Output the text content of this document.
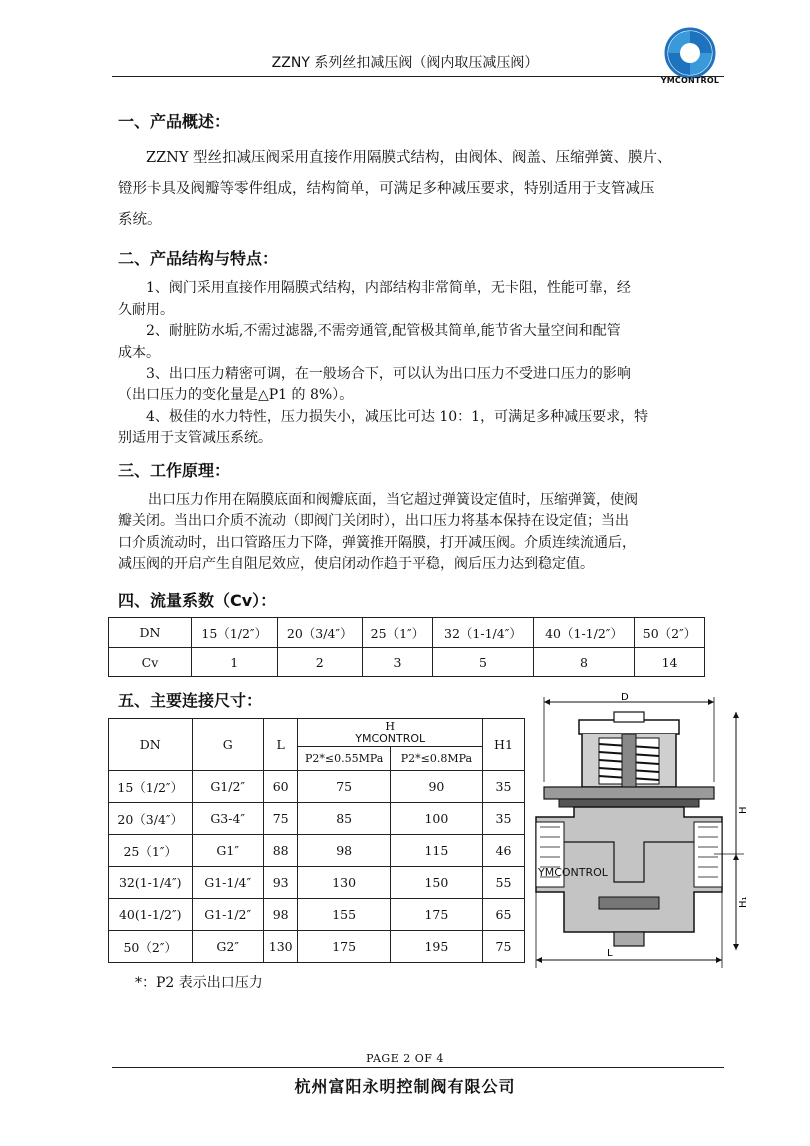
ZZNY 系列丝扣减压阀（阀内取压减压阀）
YMCONTROL
一、产品概述：
ZZNY 型丝扣减压阀采用直接作用隔膜式结构，由阀体、阀盖、压缩弹簧、膜片、
镫形卡具及阀瓣等零件组成，结构简单，可满足多种减压要求，特别适用于支管减压
系统。
二、产品结构与特点：
1、阀门采用直接作用隔膜式结构，内部结构非常简单，无卡阻，性能可靠，经
久耐用。
2、耐脏防水垢,不需过滤器,不需旁通管,配管极其简单,能节省大量空间和配管
成本。
3、出口压力精密可调，在一般场合下，可以认为出口压力不受进口压力的影响
（出口压力的变化量是△P1 的 8%）。
4、极佳的水力特性，压力损失小，减压比可达 10：1，可满足多种减压要求，特
别适用于支管减压系统。
三、工作原理：
出口压力作用在隔膜底面和阀瓣底面，当它超过弹簧设定值时，压缩弹簧，使阀
瓣关闭。当出口介质不流动（即阀门关闭时），出口压力将基本保持在设定值；当出
口介质流动时，出口管路压力下降，弹簧推开隔膜，打开减压阀。介质连续流通后，
减压阀的开启产生自阻尼效应，使启闭动作趋于平稳，阀后压力达到稳定值。
四、流量系数（Cv）：
DN	15（1/2″）	20（3/4″）	25（1″）	32（1-1/4″）	40（1-1/2″）	50（2″）
Cv	1	2	3	5	8	14
五、主要连接尺寸：
DN	G	L	H
YMCONTROL		H1
			P2*≤0.55MPa	P2*≤0.8MPa	
15（1/2″）	G1/2″	60	75	90	35
20（3/4″）	G3-4″	75	85	100	35
25（1″）	G1″	88	98	115	46
32(1-1/4″)	G1-1/4″	93	130	150	55
40(1-1/2″)	G1-1/2″	98	155	175	65
50（2″）	G2″	130	175	195	75
*：P2 表示出口压力
D
YMCONTROL
H
H₁
L
PAGE 2 OF 4
杭州富阳永明控制阀有限公司
